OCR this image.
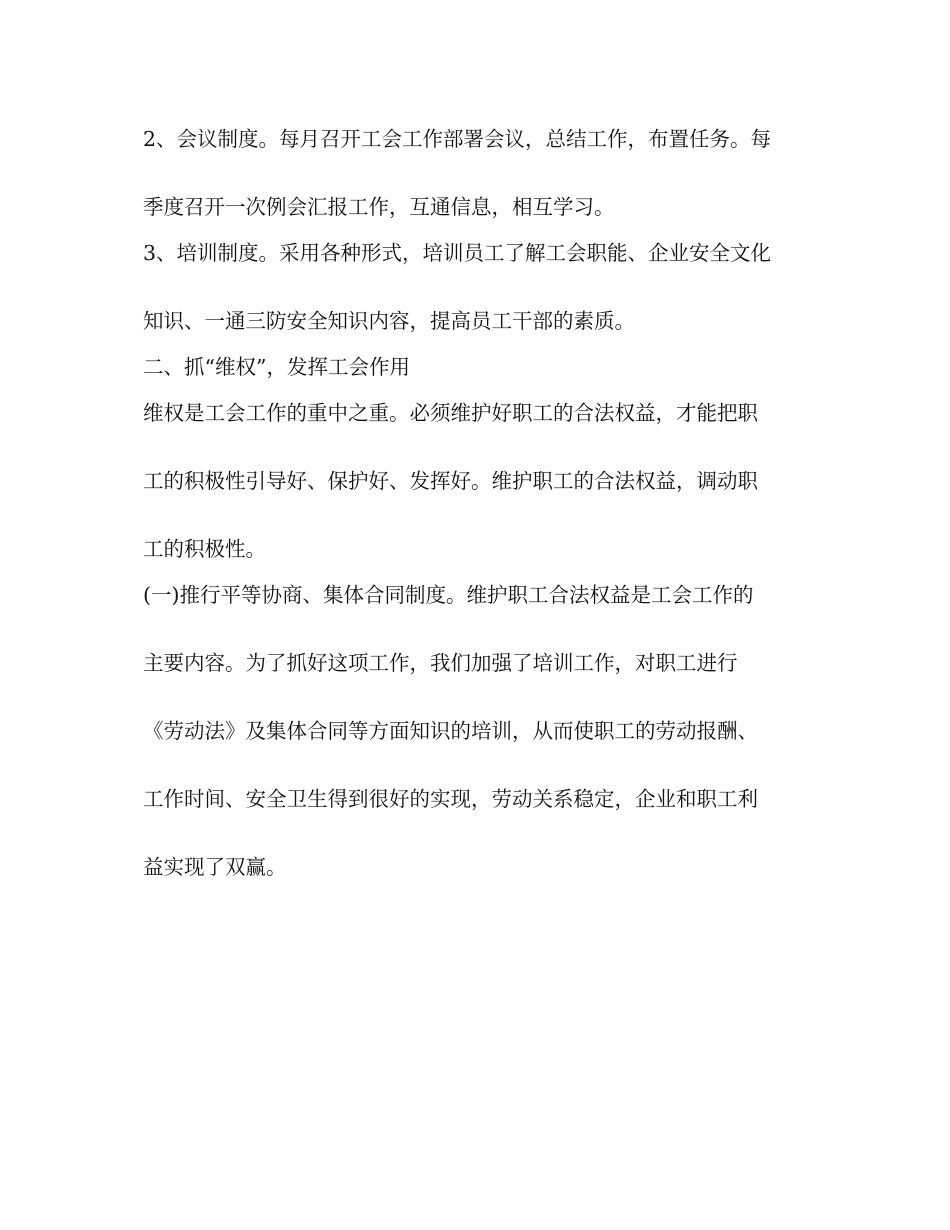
2、会议制度。每月召开工会工作部署会议，总结工作，布置任务。每
季度召开一次例会汇报工作，互通信息，相互学习。
3、培训制度。采用各种形式，培训员工了解工会职能、企业安全文化
知识、一通三防安全知识内容，提高员工干部的素质。
二、抓“维权”，发挥工会作用
维权是工会工作的重中之重。必须维护好职工的合法权益，才能把职
工的积极性引导好、保护好、发挥好。维护职工的合法权益，调动职
工的积极性。
(一)推行平等协商、集体合同制度。维护职工合法权益是工会工作的
主要内容。为了抓好这项工作，我们加强了培训工作，对职工进行
《劳动法》及集体合同等方面知识的培训，从而使职工的劳动报酬、
工作时间、安全卫生得到很好的实现，劳动关系稳定，企业和职工利
益实现了双赢。
